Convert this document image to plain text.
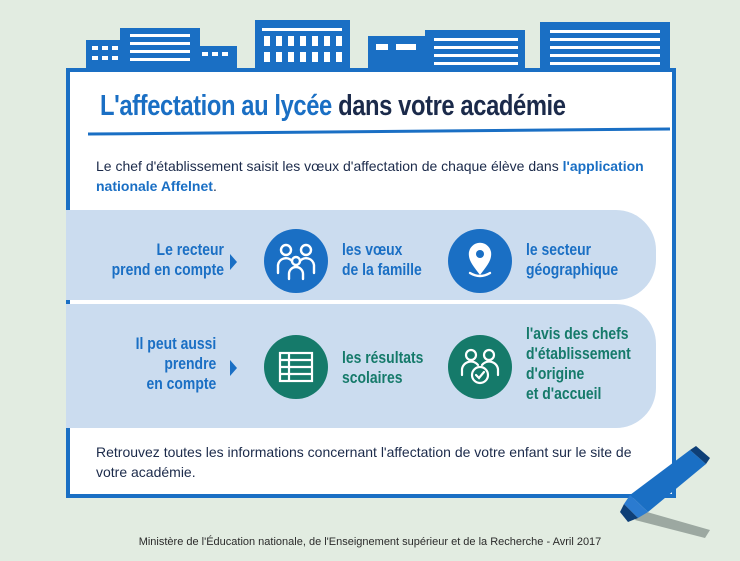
L'affectation au lycée dans votre académie
Le chef d'établissement saisit les vœux d'affectation de chaque élève dans l'application nationale Affelnet.
Le recteur
prend en compte
les vœux
de la famille
le secteur
géographique
Il peut aussi
prendre
en compte
les résultats
scolaires
l'avis des chefs
d'établissement
d'origine
et d'accueil
Retrouvez toutes les informations concernant l'affectation de votre enfant sur le site de votre académie.
Ministère de l'Éducation nationale, de l'Enseignement supérieur et de la Recherche - Avril 2017
